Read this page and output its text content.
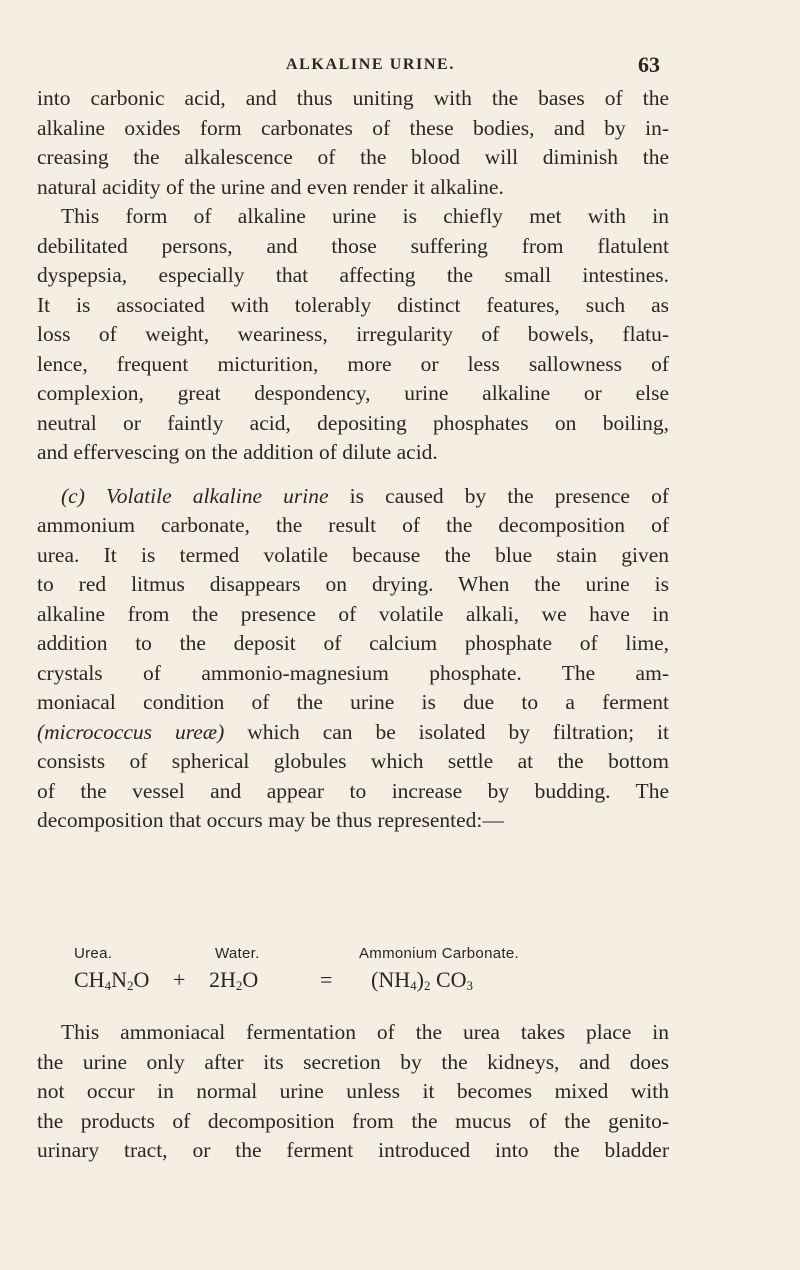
ALKALINE URINE.	63
into carbonic acid, and thus uniting with the bases of the
alkaline oxides form carbonates of these bodies, and by in-
creasing the alkalescence of the blood will diminish the
natural acidity of the urine and even render it alkaline.
This form of alkaline urine is chiefly met with in
debilitated persons, and those suffering from flatulent
dyspepsia, especially that affecting the small intestines.
It is associated with tolerably distinct features, such as
loss of weight, weariness, irregularity of bowels, flatu-
lence, frequent micturition, more or less sallowness of
complexion, great despondency, urine alkaline or else
neutral or faintly acid, depositing phosphates on boiling,
and effervescing on the addition of dilute acid.
(c) Volatile alkaline urine is caused by the presence of
ammonium carbonate, the result of the decomposition of
urea. It is termed volatile because the blue stain given
to red litmus disappears on drying. When the urine is
alkaline from the presence of volatile alkali, we have in
addition to the deposit of calcium phosphate of lime,
crystals of ammonio-magnesium phosphate. The am-
moniacal condition of the urine is due to a ferment
(micrococcus ureæ) which can be isolated by filtration; it
consists of spherical globules which settle at the bottom
of the vessel and appear to increase by budding. The
decomposition that occurs may be thus represented:—
Urea.	Water.	Ammonium Carbonate.
$CH_4N_2O + 2H_2O$	= $(NH_4)_2$ $CO_3$
This ammoniacal fermentation of the urea takes place in
the urine only after its secretion by the kidneys, and does
not occur in normal urine unless it becomes mixed with
the products of decomposition from the mucus of the genito-
urinary tract, or the ferment introduced into the bladder
